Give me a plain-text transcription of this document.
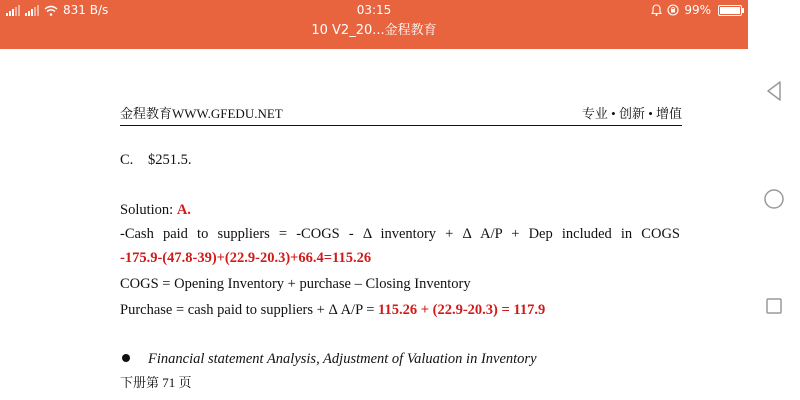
831 B/s	03:15	99%
10 V2_20...金程教育
金程教育WWW.GFEDU.NET	专业 • 创新 • 增值
C. $251.5.
Solution: A.
-Cash paid to suppliers = -COGS - Δ inventory + Δ A/P + Dep included in COGS
-175.9-(47.8-39)+(22.9-20.3)+66.4=115.26
COGS = Opening Inventory + purchase – Closing Inventory
Purchase = cash paid to suppliers + Δ A/P = 115.26 + (22.9-20.3) = 117.9
Financial statement Analysis, Adjustment of Valuation in Inventory
下册第 71 页
